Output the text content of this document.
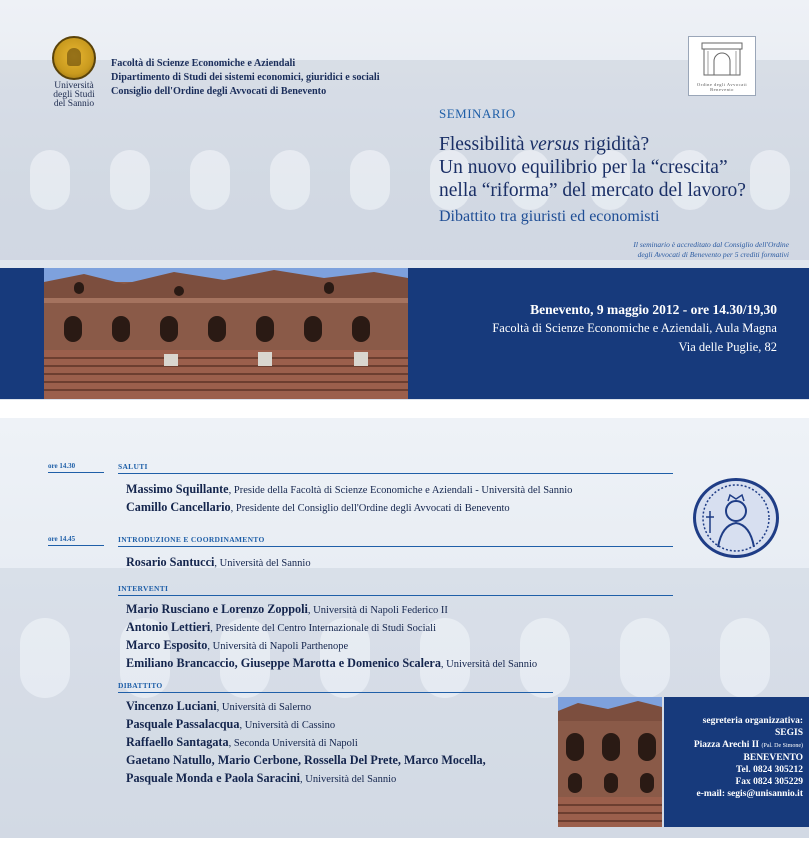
Università
degli Studi
del Sannio
Facoltà di Scienze Economiche e Aziendali
Dipartimento di Studi dei sistemi economici, giuridici e sociali
Consiglio dell'Ordine degli Avvocati di Benevento
Ordine degli Avvocati
Benevento
SEMINARIO
Flessibilità versus rigidità?
Un nuovo equilibrio per la “crescita”
nella “riforma” del mercato del lavoro?
Dibattito tra giuristi ed economisti
Il seminario è accreditato dal Consiglio dell'Ordine
degli Avvocati di Benevento per 5 crediti formativi
Benevento, 9 maggio 2012 - ore 14.30/19,30
Facoltà di Scienze Economiche e Aziendali, Aula Magna
Via delle Puglie, 82
ore 14.30	SALUTI
Massimo Squillante, Preside della Facoltà di Scienze Economiche e Aziendali - Università del Sannio
Camillo Cancellario, Presidente del Consiglio dell'Ordine degli Avvocati di Benevento
ore 14.45	INTRODUZIONE E COORDINAMENTO
Rosario Santucci, Università del Sannio
INTERVENTI
Mario Rusciano e Lorenzo Zoppoli, Università di Napoli Federico II
Antonio Lettieri, Presidente del Centro Internazionale di Studi Sociali
Marco Esposito, Università di Napoli Parthenope
Emiliano Brancaccio, Giuseppe Marotta e Domenico Scalera, Università del Sannio
DIBATTITO
Vincenzo Luciani, Università di Salerno
Pasquale Passalacqua, Università di Cassino
Raffaello Santagata, Seconda Università di Napoli
Gaetano Natullo, Mario Cerbone, Rossella Del Prete, Marco Mocella,
Pasquale Monda e Paola Saracini, Università del Sannio
segreteria organizzativa:
SEGIS
Piazza Arechi II (Pal. De Simone)
BENEVENTO
Tel. 0824 305212
Fax 0824 305229
e-mail: segis@unisannio.it
